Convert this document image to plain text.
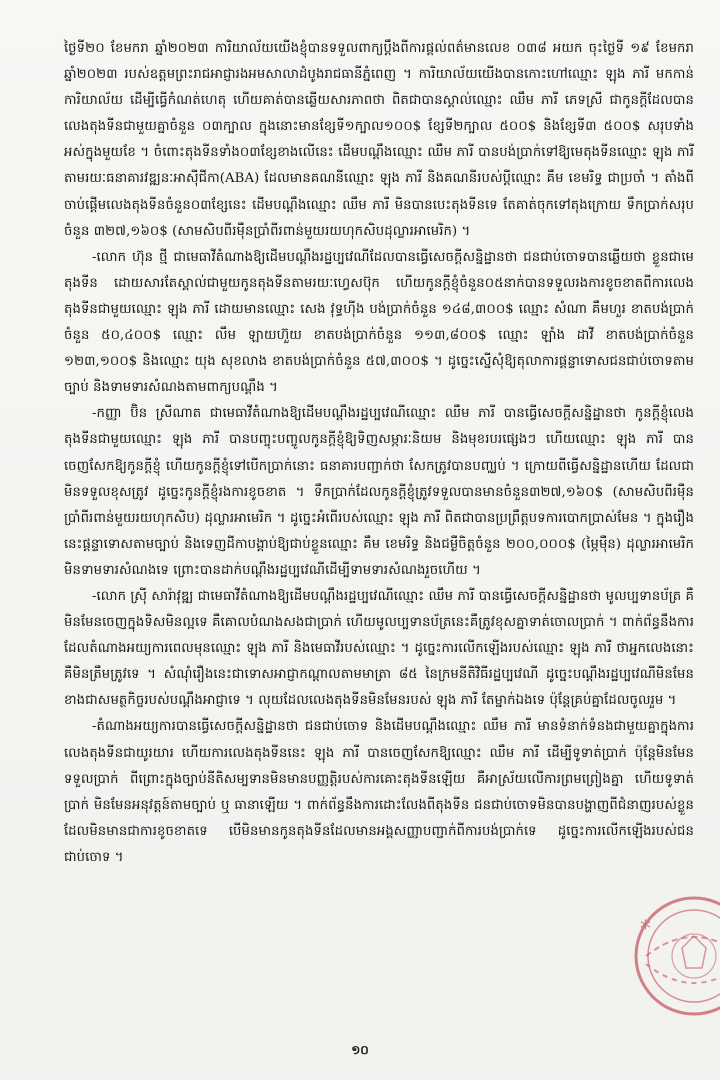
ថ្ងៃទី២០ ខែមករា ឆ្នាំ២០២៣ ការិយាល័យយើងខ្ញុំបានទទួលពាក្យប្ដឹងពីការផ្ដល់ពត៌មានលេខ ០៣៨ អយក ចុះថ្ងៃទី ១៩ ខែមករា ឆ្នាំ២០២៣ របស់ឧត្តមព្រះរាជអាជ្ញារងអមសាលាដំបូងរាជធានីភ្នំពេញ ។ ការិយាល័យយើងបានកោះហៅឈ្មោះ ឡុង ភារី មកកាន់ការិយាល័យ ដើម្បីធ្វើកំណត់ហេតុ ហើយគាត់បានឆ្លើយសារភាពថា ពិតជាបានស្គាល់ឈ្មោះ ឈឹម ភារី ភេទស្រី ជាកូនក្ដីដែលបានលេងតុងទីនជាមួយគ្នាចំនួន ០៣ក្បាល ក្នុងនោះមានខ្សែទី១ក្បាល១០០$ ខ្សែទី២ក្បាល ៥០០$ និងខ្សែទី៣ ៥០០$ សរុបទាំងអស់ក្នុងមួយខែ ។ ចំពោះតុងទីនទាំង០៣ខ្សែខាងលើនេះ ដើមបណ្ដឹងឈ្មោះ ឈឹម ភារី បានបង់ប្រាក់ទៅឱ្យមេតុងទីនឈ្មោះ ឡុង ភារី តាមរយៈធនាគារវឌ្ឍនៈអាស៊ីជីកា(ABA) ដែលមានគណនីឈ្មោះ ឡុង ភារី និងគណនីរបស់ប្ដីឈ្មោះ គឹម ខេមរិទ្ធ ជាប្រចាំ ។ តាំងពីចាប់ផ្ដើមលេងតុងទីនចំនួន០៣ខ្សែនេះ ដើមបណ្ដឹងឈ្មោះ ឈឹម ភារី មិនបានបេះតុងទីនទេ តែគាត់ចុកទៅតុងក្រោយ ទឹកប្រាក់សរុបចំនួន ៣២៧,១៦០$ (សាមសិបពីរម៉ឺនប្រាំពីរពាន់មួយរយហុកសិបដុល្លារអាមេរិក) ។

-លោក ហ៊ុន ថ្មី ជាមេធាវីតំណាងឱ្យដើមបណ្ដឹងរដ្ឋប្បវេណីដែលបានធ្វើសេចក្ដីសន្និដ្ឋានថា ជនជាប់ចោទបានឆ្លើយថា ខ្លួនជាមេតុងទីន ដោយសារតែស្គាល់ជាមួយកូនតុងទីនតាមរយៈហ្វេសប៊ុក ហើយកូនក្ដីខ្ញុំចំនួន០៥នាក់បានទទួលរងការខូចខាតពីការលេងតុងទីនជាមួយឈ្មោះ ឡុង ភារី ដោយមានឈ្មោះ សេង វុទ្ធហ៊ីង បង់ប្រាក់ចំនួន ១៤៨,៣០០$ ឈ្មោះ សំណា គឹមហួរ ខាតបង់ប្រាក់ចំនួន ៥០,៤០០$ ឈ្មោះ លឹម ឡាយហ៊ួយ ខាតបង់ប្រាក់ចំនួន ១១៣,៨០០$ ឈ្មោះ ឡាំង ដាវី ខាតបង់ប្រាក់ចំនួន ១២៣,១០០$ និងឈ្មោះ យុង សុខលាង ខាតបង់ប្រាក់ចំនួន ៥៧,៣០០$ ។ ដូច្នេះស្នើសុំឱ្យតុលាការផ្ដន្ទាទោសជនជាប់ចោទតាមច្បាប់ និងទាមទារសំណងតាមពាក្យបណ្ដឹង ។

-កញ្ញា ប៊ិន ស្រីណាត ជាមេធាវីតំណាងឱ្យដើមបណ្ដឹងរដ្ឋប្បវេណីឈ្មោះ ឈឹម ភារី បានធ្វើសេចក្ដីសន្និដ្ឋានថា កូនក្ដីខ្ញុំលេងតុងទីនជាមួយឈ្មោះ ឡុង ភារី បានបញ្ចុះបញ្ចូលកូនក្ដីខ្ញុំឱ្យទិញសម្ភារៈនិយម និងមុខរបរផ្សេងៗ ហើយឈ្មោះ ឡុង ភារី បានចេញសែកឱ្យកូនក្ដីខ្ញុំ ហើយកូនក្ដីខ្ញុំទៅបើកប្រាក់នោះ ធនាគារបញ្ជាក់ថា សែកត្រូវបានបញ្ឈប់ ។ ក្រោយពីធ្វើសន្និដ្ឋានហើយ ដែលជាមិនទទួលខុសត្រូវ ដូច្នេះកូនក្ដីខ្ញុំរងការខូចខាត ។ ទឹកប្រាក់ដែលកូនក្ដីខ្ញុំត្រូវទទួលបានមានចំនួន៣២៧,១៦០$ (សាមសិបពីរម៉ឺនប្រាំពីរពាន់មួយរយហុកសិប) ដុល្លារអាមេរិក ។ ដូច្នេះអំពើរបស់ឈ្មោះ ឡុង ភារី ពិតជាបានប្រព្រឹត្តបទការបោកប្រាស់មែន ។ ក្នុងរឿងនេះផ្ដន្ទាទោសតាមច្បាប់ និងទេញដីកាបង្គាប់ឱ្យជាប់ខ្លួនឈ្មោះ គឹម ខេមរិទ្ធ និងជម្ងឺចិត្តចំនួន ២០០,០០០$ (ម្ភៃម៉ឺន) ដុល្លារអាមេរិក មិនទាមទារសំណងទេ ព្រោះបានដាក់បណ្ដឹងរដ្ឋប្បវេណីដើម្បីទាមទារសំណងរួចហើយ ។

-លោក ស្រ៊ី សារ៉ាវុឌ្ឍ ជាមេធាវីតំណាងឱ្យដើមបណ្ដឹងរដ្ឋប្បវេណីឈ្មោះ ឈឹម ភារី បានធ្វើសេចក្ដីសន្និដ្ឋានថា មូលប្បទានប័ត្រ គឺមិនមែនចេញក្នុងទិសមិនល្អទេ គឺគោលបំណងសងជាប្រាក់ ហើយមូលប្បទានប័ត្រនេះគឺត្រូវខុសគ្នាទាត់ចោលប្រាក់ ។ ពាក់ព័ន្ធនឹងការដែលតំណាងអយ្យការពេលមុនឈ្មោះ ឡុង ភារី និងមេធាវីរបស់ឈ្មោះ ។ ដូច្នេះការលើកឡើងរបស់ឈ្មោះ ឡុង ភារី ថាអ្នកលេងនោះ គឺមិនត្រឹមត្រូវទេ ។ សំណុំរឿងនេះជាទោសអាជ្ញាកណ្ដាលតាមមាត្រា ៨៥ នៃក្រមនីតិវិធីរដ្ឋប្បវេណី ដូច្នេះបណ្ដឹងរដ្ឋប្បវេណីមិនមែនខាងជាសមត្ថកិច្ចរបស់បណ្ដឹងអាជ្ញាទេ ។ លុយដែលលេងតុងទីនមិនមែនរបស់ ឡុង ភារី តែម្នាក់ឯងទេ ប៉ុន្តែគ្រប់គ្នាដែលចូលរួម ។

-តំណាងអយ្យការបានធ្វើសេចក្ដីសន្និដ្ឋានថា ជនជាប់ចោទ និងដើមបណ្ដឹងឈ្មោះ ឈឹម ភារី មានទំនាក់ទំនងជាមួយគ្នាក្នុងការលេងតុងទីនជាយូរយារ ហើយការលេងតុងទីននេះ ឡុង ភារី បានចេញសែកឱ្យឈ្មោះ ឈឹម ភារី ដើម្បីទូទាត់ប្រាក់ ប៉ុន្តែមិនមែនទទួលប្រាក់ ពីព្រោះក្នុងច្បាប់នីតិសម្បទានមិនមានបញ្ញត្តិរបស់ការគោះតុងទីនឡើយ គឺអាស្រ័យលើការព្រមព្រៀងគ្នា ហើយទូទាត់ប្រាក់ មិនមែនអនុវត្តន៍តាមច្បាប់ ឬ ធានាឡើយ ។ ពាក់ព័ន្ធនឹងការដោះលែងពីតុងទីន ជនជាប់ចោទមិនបានបង្ហាញពីជំនាញរបស់ខ្លួនដែលមិនមានជាការខូចខាតទេ បើមិនមានកូនតុងទីនដែលមានអង្គសញ្ញាបញ្ជាក់ពីការបង់ប្រាក់ទេ ដូច្នេះការលើកឡើងរបស់ជនជាប់ចោទ ។

*
១០
